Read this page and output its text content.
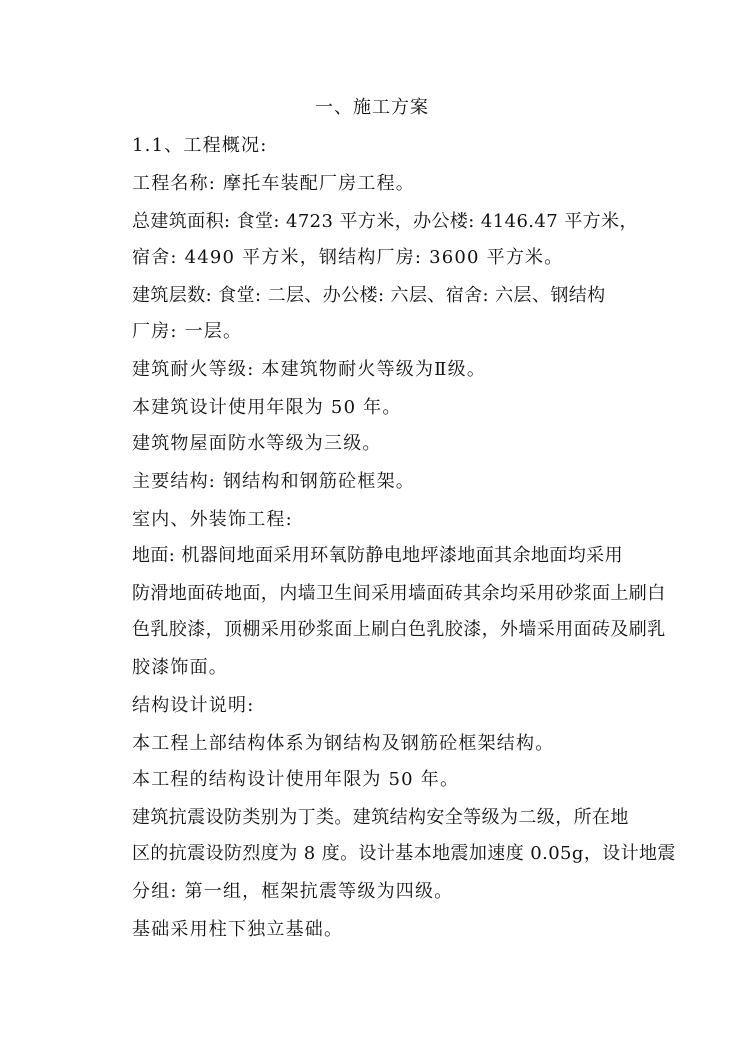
一、施工方案
1.1、工程概况:
工程名称: 摩托车装配厂房工程。
总建筑面积: 食堂: 4723 平方米，办公楼: 4146.47 平方米，
宿舍: 4490 平方米，钢结构厂房: 3600 平方米。
建筑层数: 食堂: 二层、办公楼: 六层、宿舍: 六层、钢结构
厂房: 一层。
建筑耐火等级: 本建筑物耐火等级为Ⅱ级。
本建筑设计使用年限为 50 年。
建筑物屋面防水等级为三级。
主要结构: 钢结构和钢筋砼框架。
室内、外装饰工程:
地面: 机器间地面采用环氧防静电地坪漆地面其余地面均采用
防滑地面砖地面，内墙卫生间采用墙面砖其余均采用砂浆面上刷白
色乳胶漆，顶棚采用砂浆面上刷白色乳胶漆，外墙采用面砖及刷乳
胶漆饰面。
结构设计说明:
本工程上部结构体系为钢结构及钢筋砼框架结构。
本工程的结构设计使用年限为 50 年。
建筑抗震设防类别为丁类。建筑结构安全等级为二级，所在地
区的抗震设防烈度为 8 度。设计基本地震加速度 0.05g，设计地震
分组: 第一组，框架抗震等级为四级。
基础采用柱下独立基础。
